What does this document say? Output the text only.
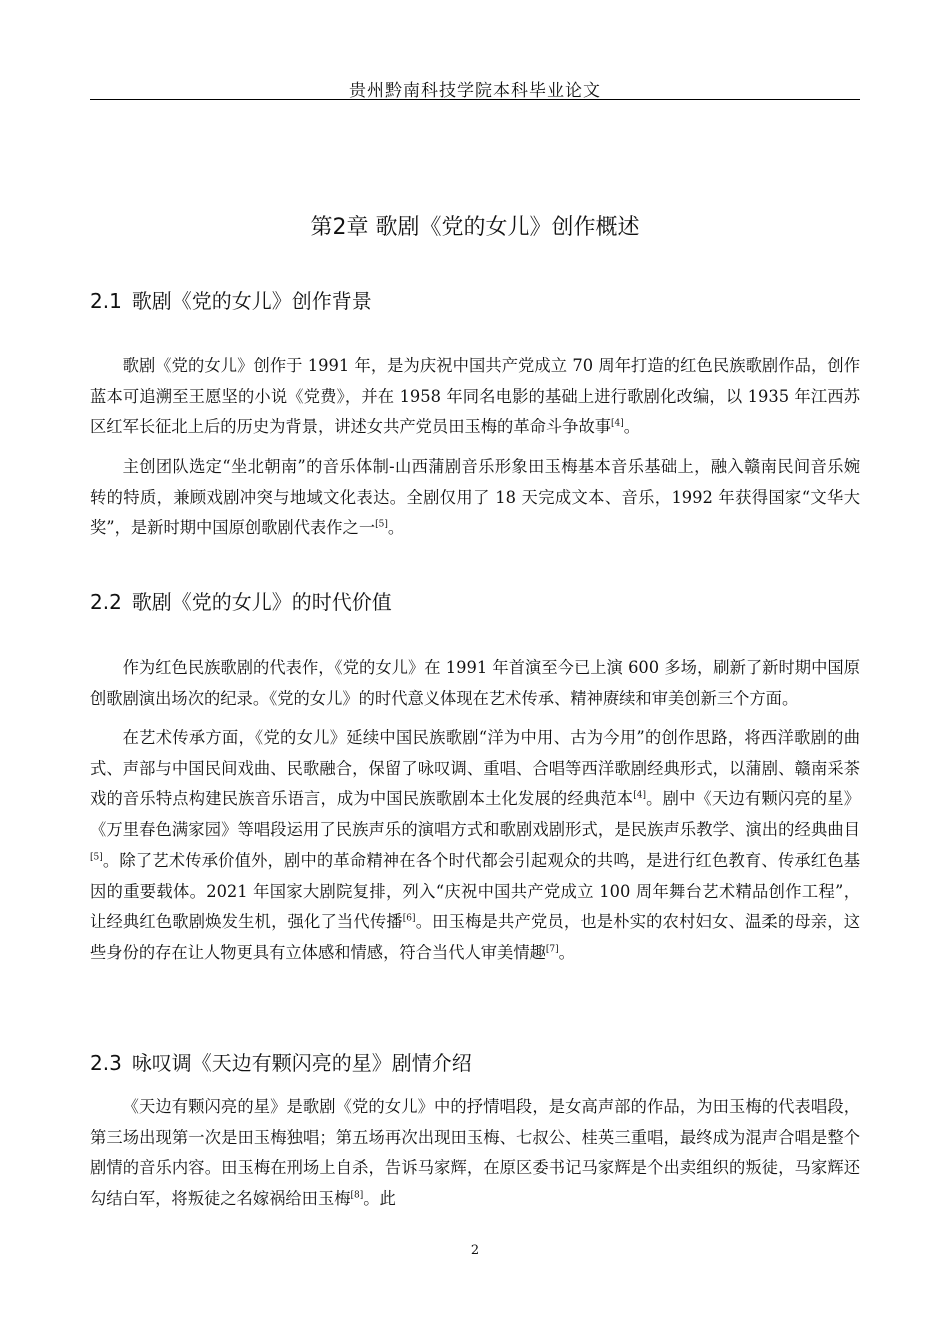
贵州黔南科技学院本科毕业论文
第2章 歌剧《党的女儿》创作概述
2.1 歌剧《党的女儿》创作背景

歌剧《党的女儿》创作于 1991 年，是为庆祝中国共产党成立 70 周年打造的红色民族歌剧作品，创作蓝本可追溯至王愿坚的小说《党费》，并在 1958 年同名电影的基础上进行歌剧化改编，以 1935 年江西苏区红军长征北上后的历史为背景，讲述女共产党员田玉梅的革命斗争故事[4]。

主创团队选定“坐北朝南”的音乐体制-山西蒲剧音乐形象田玉梅基本音乐基础上，融入赣南民间音乐婉转的特质，兼顾戏剧冲突与地域文化表达。全剧仅用了 18 天完成文本、音乐，1992 年获得国家“文华大奖”，是新时期中国原创歌剧代表作之一[5]。

2.2 歌剧《党的女儿》的时代价值

作为红色民族歌剧的代表作，《党的女儿》在 1991 年首演至今已上演 600 多场，刷新了新时期中国原创歌剧演出场次的纪录。《党的女儿》的时代意义体现在艺术传承、精神赓续和审美创新三个方面。

在艺术传承方面，《党的女儿》延续中国民族歌剧“洋为中用、古为今用”的创作思路，将西洋歌剧的曲式、声部与中国民间戏曲、民歌融合，保留了咏叹调、重唱、合唱等西洋歌剧经典形式，以蒲剧、赣南采茶戏的音乐特点构建民族音乐语言，成为中国民族歌剧本土化发展的经典范本[4]。剧中《天边有颗闪亮的星》《万里春色满家园》等唱段运用了民族声乐的演唱方式和歌剧戏剧形式，是民族声乐教学、演出的经典曲目[5]。除了艺术传承价值外，剧中的革命精神在各个时代都会引起观众的共鸣，是进行红色教育、传承红色基因的重要载体。2021 年国家大剧院复排，列入“庆祝中国共产党成立 100 周年舞台艺术精品创作工程”，让经典红色歌剧焕发生机，强化了当代传播[6]。田玉梅是共产党员，也是朴实的农村妇女、温柔的母亲，这些身份的存在让人物更具有立体感和情感，符合当代人审美情趣[7]。

2.3 咏叹调《天边有颗闪亮的星》剧情介绍

《天边有颗闪亮的星》是歌剧《党的女儿》中的抒情唱段，是女高声部的作品，为田玉梅的代表唱段，第三场出现第一次是田玉梅独唱；第五场再次出现田玉梅、七叔公、桂英三重唱，最终成为混声合唱是整个剧情的音乐内容。田玉梅在刑场上自杀，告诉马家辉，在原区委书记马家辉是个出卖组织的叛徒，马家辉还勾结白军，将叛徒之名嫁祸给田玉梅[8]。此

2
